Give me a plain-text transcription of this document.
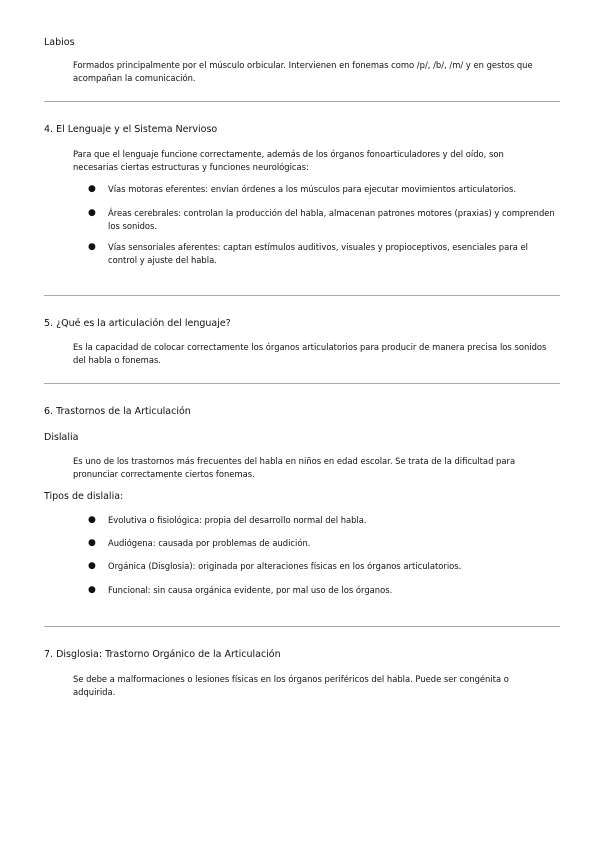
Labios
Formados principalmente por el músculo orbicular. Intervienen en fonemas como /p/, /b/, /m/ y en gestos que acompañan la comunicación.
4. El Lenguaje y el Sistema Nervioso
Para que el lenguaje funcione correctamente, además de los órganos fonoarticuladores y del oído, son necesarias ciertas estructuras y funciones neurológicas:
● Vías motoras eferentes: envían órdenes a los músculos para ejecutar movimientos articulatorios.
● Áreas cerebrales: controlan la producción del habla, almacenan patrones motores (praxias) y comprenden los sonidos.
● Vías sensoriales aferentes: captan estímulos auditivos, visuales y propioceptivos, esenciales para el control y ajuste del habla.
5. ¿Qué es la articulación del lenguaje?
Es la capacidad de colocar correctamente los órganos articulatorios para producir de manera precisa los sonidos del habla o fonemas.
6. Trastornos de la Articulación
Dislalia
Es uno de los trastornos más frecuentes del habla en niños en edad escolar. Se trata de la dificultad para pronunciar correctamente ciertos fonemas.
Tipos de dislalia:
● Evolutiva o fisiológica: propia del desarrollo normal del habla.
● Audiógena: causada por problemas de audición.
● Orgánica (Disglosia): originada por alteraciones físicas en los órganos articulatorios.
● Funcional: sin causa orgánica evidente, por mal uso de los órganos.
7. Disglosia: Trastorno Orgánico de la Articulación
Se debe a malformaciones o lesiones físicas en los órganos periféricos del habla. Puede ser congénita o adquirida.
